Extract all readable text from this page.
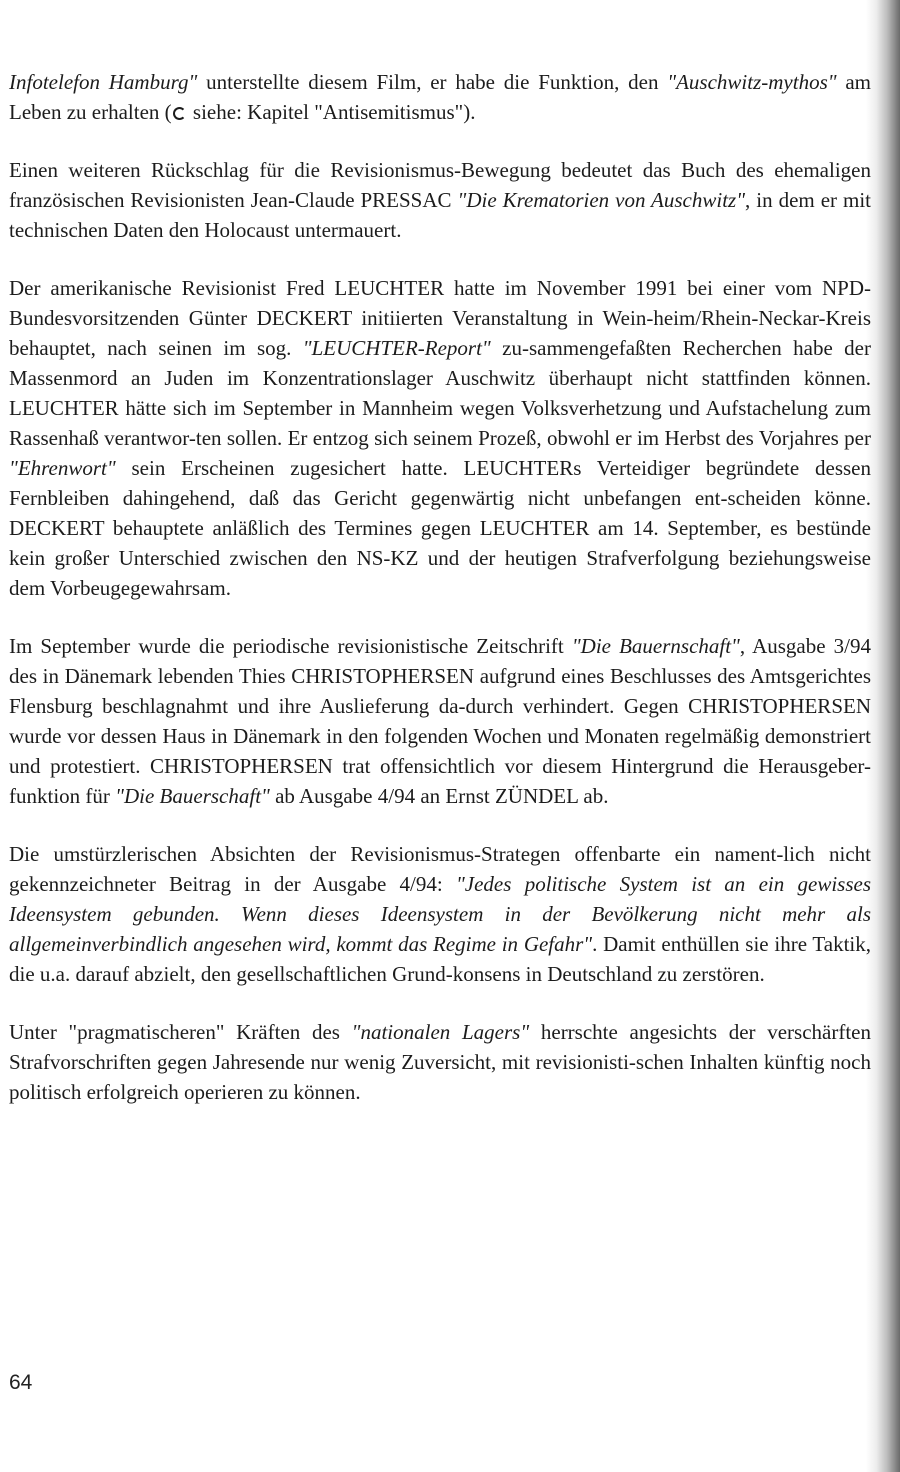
Infotelefon Hamburg" unterstellte diesem Film, er habe die Funktion, den "Auschwitz-mythos" am Leben zu erhalten ( siehe: Kapitel "Antisemitismus").

Einen weiteren Rückschlag für die Revisionismus-Bewegung bedeutet das Buch des ehemaligen französischen Revisionisten Jean-Claude PRESSAC "Die Krematorien von Auschwitz", in dem er mit technischen Daten den Holocaust untermauert.

Der amerikanische Revisionist Fred LEUCHTER hatte im November 1991 bei einer vom NPD-Bundesvorsitzenden Günter DECKERT initiierten Veranstaltung in Wein-heim/Rhein-Neckar-Kreis behauptet, nach seinen im sog. "LEUCHTER-Report" zu-sammengefaßten Recherchen habe der Massenmord an Juden im Konzentrationslager Auschwitz überhaupt nicht stattfinden können. LEUCHTER hätte sich im September in Mannheim wegen Volksverhetzung und Aufstachelung zum Rassenhaß verantwor-ten sollen. Er entzog sich seinem Prozeß, obwohl er im Herbst des Vorjahres per "Ehrenwort" sein Erscheinen zugesichert hatte. LEUCHTERs Verteidiger begründete dessen Fernbleiben dahingehend, daß das Gericht gegenwärtig nicht unbefangen ent-scheiden könne. DECKERT behauptete anläßlich des Termines gegen LEUCHTER am 14. September, es bestünde kein großer Unterschied zwischen den NS-KZ und der heutigen Strafverfolgung beziehungsweise dem Vorbeugegewahrsam.

Im September wurde die periodische revisionistische Zeitschrift "Die Bauernschaft", Ausgabe 3/94 des in Dänemark lebenden Thies CHRISTOPHERSEN aufgrund eines Beschlusses des Amtsgerichtes Flensburg beschlagnahmt und ihre Auslieferung da-durch verhindert. Gegen CHRISTOPHERSEN wurde vor dessen Haus in Dänemark in den folgenden Wochen und Monaten regelmäßig demonstriert und protestiert. CHRISTOPHERSEN trat offensichtlich vor diesem Hintergrund die Herausgeber-funktion für "Die Bauerschaft" ab Ausgabe 4/94 an Ernst ZÜNDEL ab.

Die umstürzlerischen Absichten der Revisionismus-Strategen offenbarte ein nament-lich nicht gekennzeichneter Beitrag in der Ausgabe 4/94: "Jedes politische System ist an ein gewisses Ideensystem gebunden. Wenn dieses Ideensystem in der Bevölkerung nicht mehr als allgemeinverbindlich angesehen wird, kommt das Regime in Gefahr". Damit enthüllen sie ihre Taktik, die u.a. darauf abzielt, den gesellschaftlichen Grund-konsens in Deutschland zu zerstören.

Unter "pragmatischeren" Kräften des "nationalen Lagers" herrschte angesichts der verschärften Strafvorschriften gegen Jahresende nur wenig Zuversicht, mit revisionisti-schen Inhalten künftig noch politisch erfolgreich operieren zu können.

64
